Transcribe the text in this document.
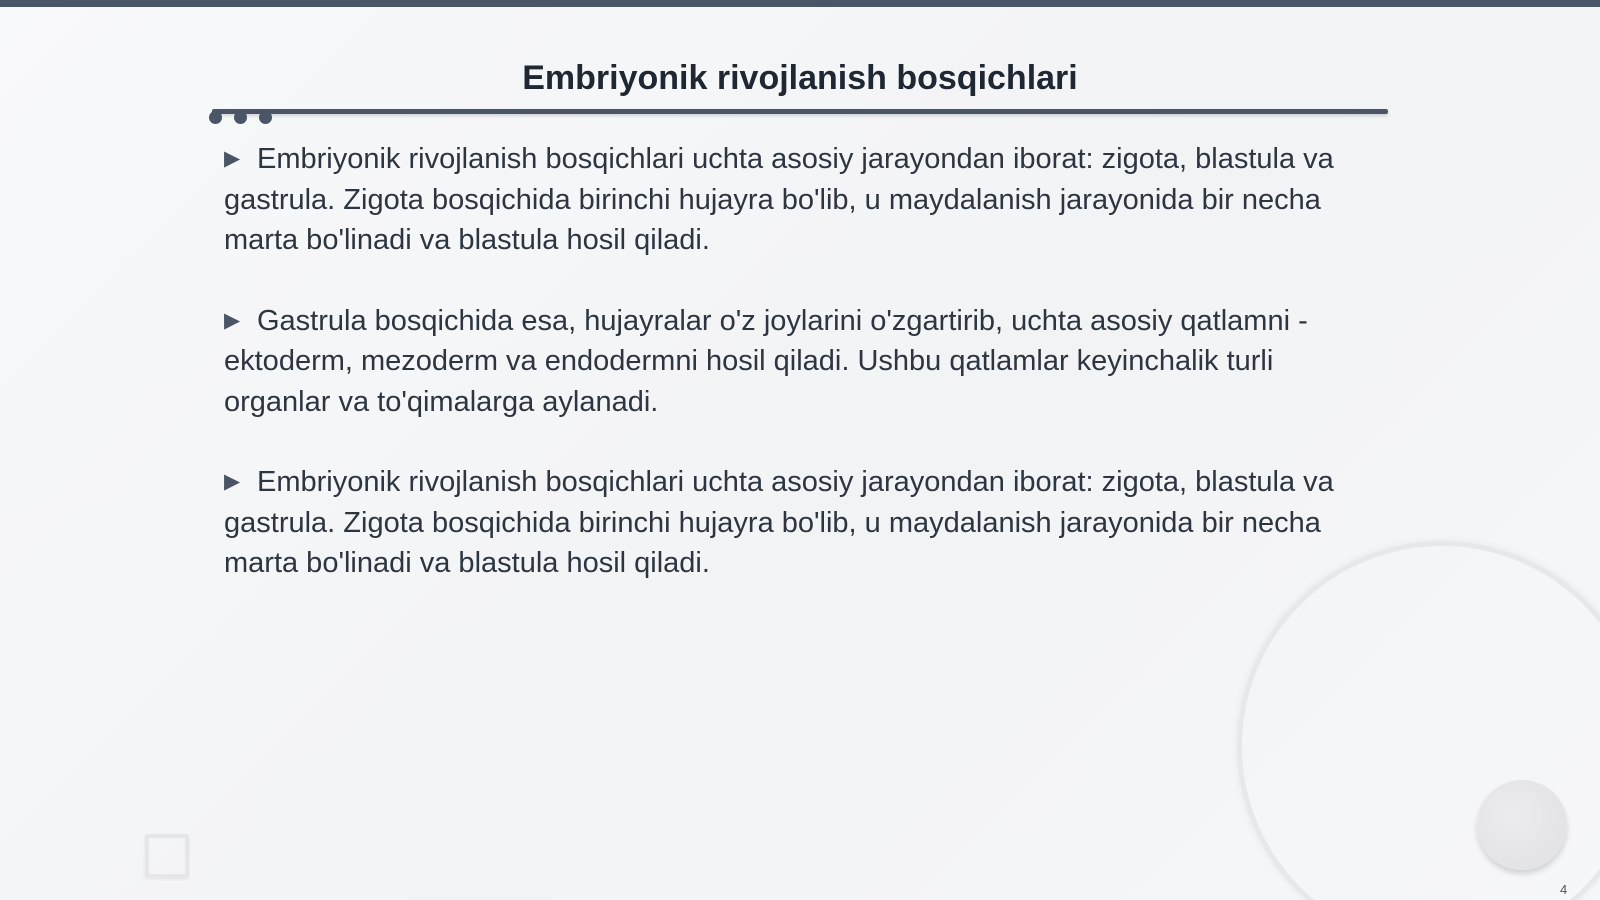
Embriyonik rivojlanish bosqichlari

▶ Embriyonik rivojlanish bosqichlari uchta asosiy jarayondan iborat: zigota, blastula va gastrula. Zigota bosqichida birinchi hujayra bo'lib, u maydalanish jarayonida bir necha marta bo'linadi va blastula hosil qiladi.

▶ Gastrula bosqichida esa, hujayralar o'z joylarini o'zgartirib, uchta asosiy qatlamni - ektoderm, mezoderm va endodermni hosil qiladi. Ushbu qatlamlar keyinchalik turli organlar va to'qimalarga aylanadi.

▶ Embriyonik rivojlanish bosqichlari uchta asosiy jarayondan iborat: zigota, blastula va gastrula. Zigota bosqichida birinchi hujayra bo'lib, u maydalanish jarayonida bir necha marta bo'linadi va blastula hosil qiladi.

4
